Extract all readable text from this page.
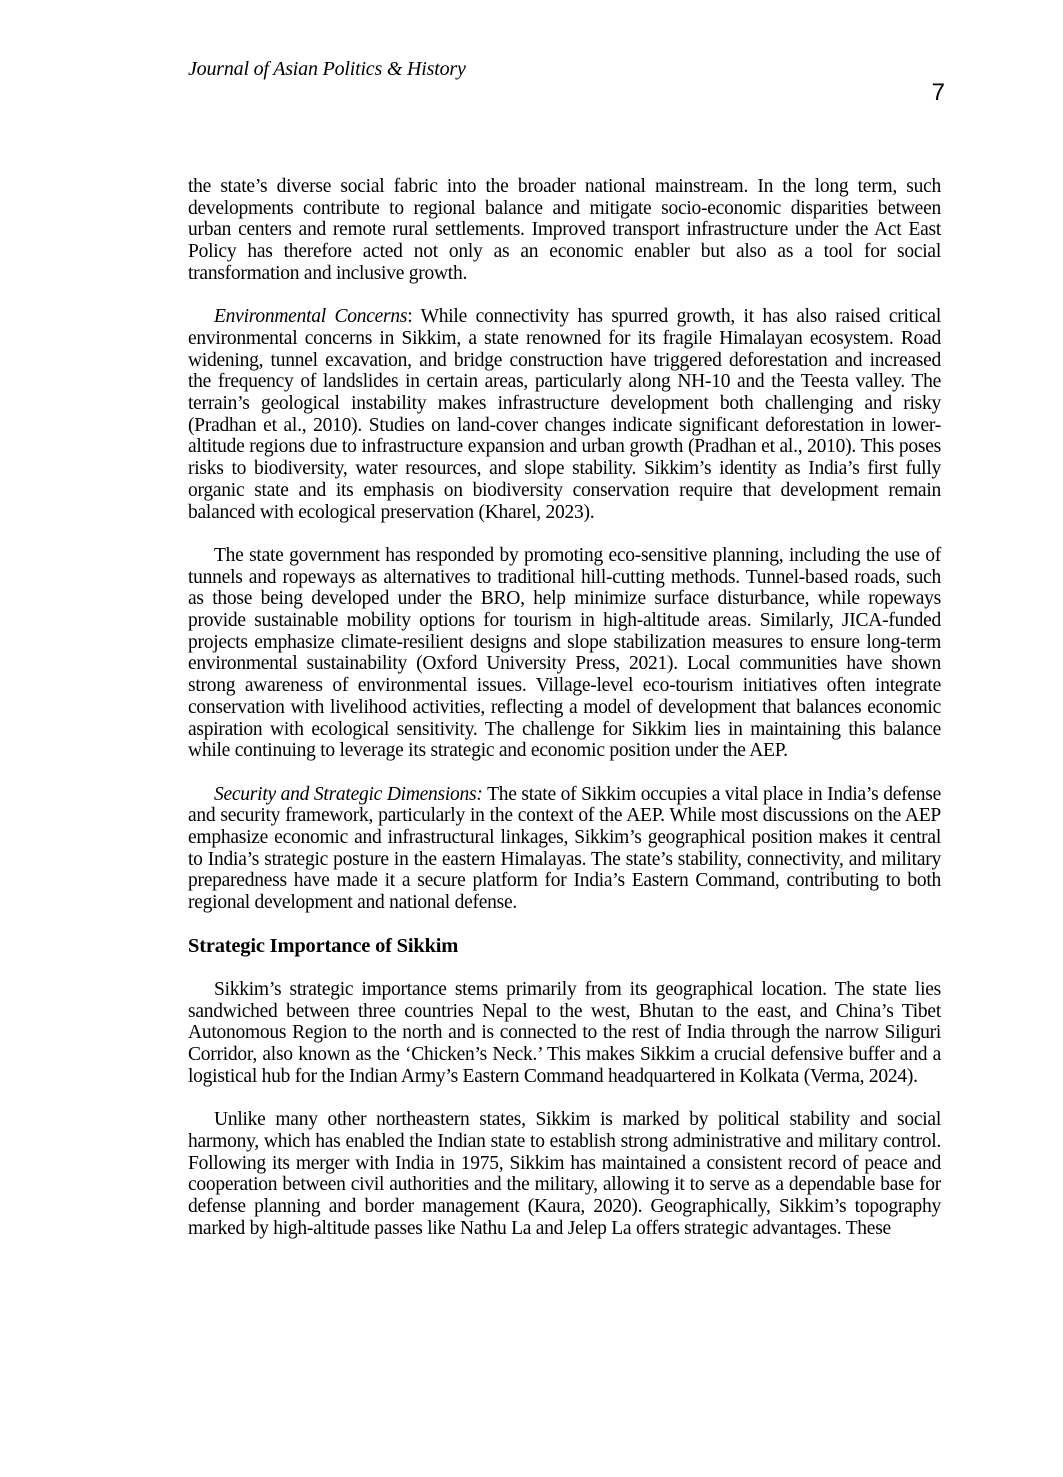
Journal of Asian Politics & History
7

the state’s diverse social fabric into the broader national mainstream. In the long term, such developments contribute to regional balance and mitigate socio-economic disparities between urban centers and remote rural settlements. Improved transport infrastructure under the Act East Policy has therefore acted not only as an economic enabler but also as a tool for social transformation and inclusive growth.

Environmental Concerns: While connectivity has spurred growth, it has also raised critical environmental concerns in Sikkim, a state renowned for its fragile Himalayan ecosystem. Road widening, tunnel excavation, and bridge construction have triggered deforestation and increased the frequency of landslides in certain areas, particularly along NH-10 and the Teesta valley. The terrain’s geological instability makes infrastructure development both challenging and risky (Pradhan et al., 2010). Studies on land-cover changes indicate significant deforestation in lower-altitude regions due to infrastructure expansion and urban growth (Pradhan et al., 2010). This poses risks to biodiversity, water resources, and slope stability. Sikkim’s identity as India’s first fully organic state and its emphasis on biodiversity conservation require that development remain balanced with ecological preservation (Kharel, 2023).

The state government has responded by promoting eco-sensitive planning, including the use of tunnels and ropeways as alternatives to traditional hill-cutting methods. Tunnel-based roads, such as those being developed under the BRO, help minimize surface disturbance, while ropeways provide sustainable mobility options for tourism in high-altitude areas. Similarly, JICA-funded projects emphasize climate-resilient designs and slope stabilization measures to ensure long-term environmental sustainability (Oxford University Press, 2021). Local communities have shown strong awareness of environmental issues. Village-level eco-tourism initiatives often integrate conservation with livelihood activities, reflecting a model of development that balances economic aspiration with ecological sensitivity. The challenge for Sikkim lies in maintaining this balance while continuing to leverage its strategic and economic position under the AEP.

Security and Strategic Dimensions: The state of Sikkim occupies a vital place in India’s defense and security framework, particularly in the context of the AEP. While most discussions on the AEP emphasize economic and infrastructural linkages, Sikkim’s geographical position makes it central to India’s strategic posture in the eastern Himalayas. The state’s stability, connectivity, and military preparedness have made it a secure platform for India’s Eastern Command, contributing to both regional development and national defense.

Strategic Importance of Sikkim

Sikkim’s strategic importance stems primarily from its geographical location. The state lies sandwiched between three countries Nepal to the west, Bhutan to the east, and China’s Tibet Autonomous Region to the north and is connected to the rest of India through the narrow Siliguri Corridor, also known as the ‘Chicken’s Neck.’ This makes Sikkim a crucial defensive buffer and a logistical hub for the Indian Army’s Eastern Command headquartered in Kolkata (Verma, 2024).

Unlike many other northeastern states, Sikkim is marked by political stability and social harmony, which has enabled the Indian state to establish strong administrative and military control. Following its merger with India in 1975, Sikkim has maintained a consistent record of peace and cooperation between civil authorities and the military, allowing it to serve as a dependable base for defense planning and border management (Kaura, 2020). Geographically, Sikkim’s topography marked by high-altitude passes like Nathu La and Jelep La offers strategic advantages. These
